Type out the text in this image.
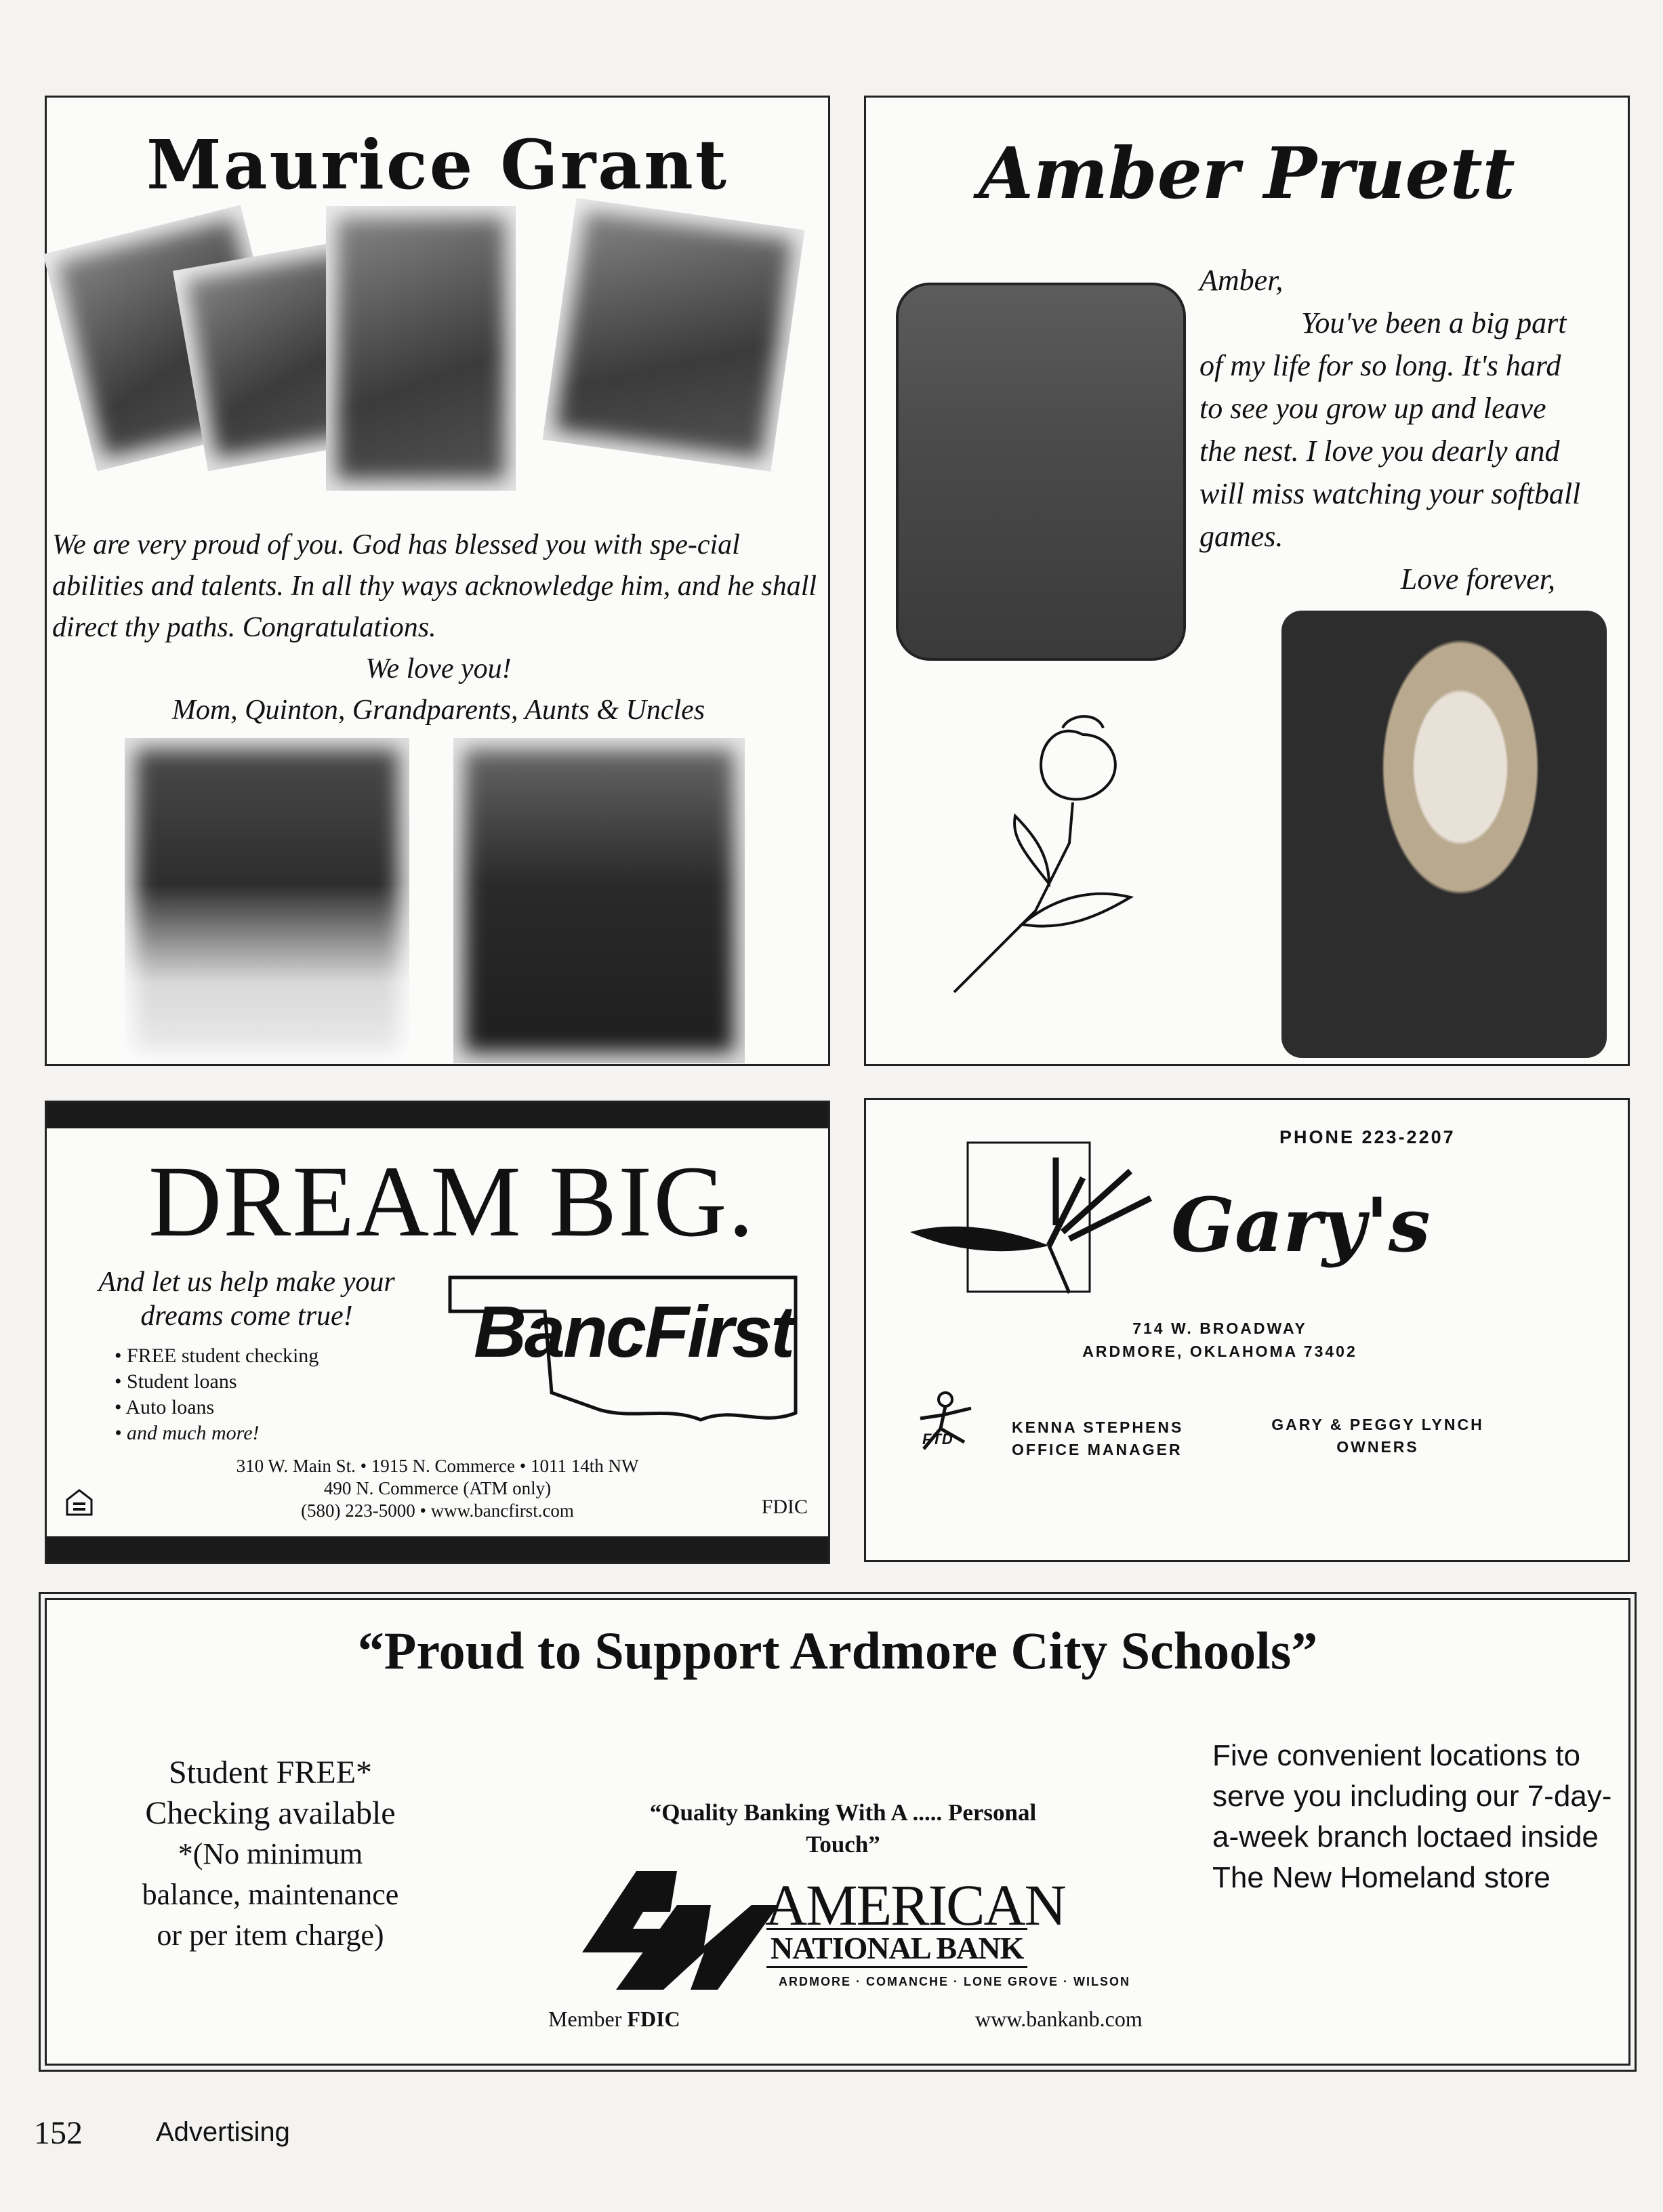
Maurice Grant

We are very proud of you. God has blessed you with spe-cial abilities and talents. In all thy ways acknowledge him, and he shall direct thy paths. Congratulations.
We love you!
Mom, Quinton, Grandparents, Aunts & Uncles

Amber Pruett

Amber,
You've been a big part of my life for so long. It's hard to see you grow up and leave the nest. I love you dearly and will miss watching your softball games.
Love forever,

DREAM BIG.

And let us help make your dreams come true!

• FREE student checking
• Student loans
• Auto loans
• and much more!

BancFirst

310 W. Main St. • 1915 N. Commerce • 1011 14th NW
490 N. Commerce (ATM only)
(580) 223-5000 • www.bancfirst.com	FDIC

PHONE 223-2207

Gary's

714 W. BROADWAY
ARDMORE, OKLAHOMA 73402
FTD
KENNA STEPHENS
OFFICE MANAGER
GARY & PEGGY LYNCH
OWNERS

“Proud to Support Ardmore City Schools”

Student FREE*
Checking available
*(No minimum balance, maintenance or per item charge)

“Quality Banking With A ..... Personal Touch”

AMERICAN

NATIONAL BANK

ARDMORE · COMANCHE · LONE GROVE · WILSON

Member FDIC	www.bankanb.com

Five convenient locations to serve you including our 7-day-a-week branch loctaed inside The New Homeland store

152	Advertising
